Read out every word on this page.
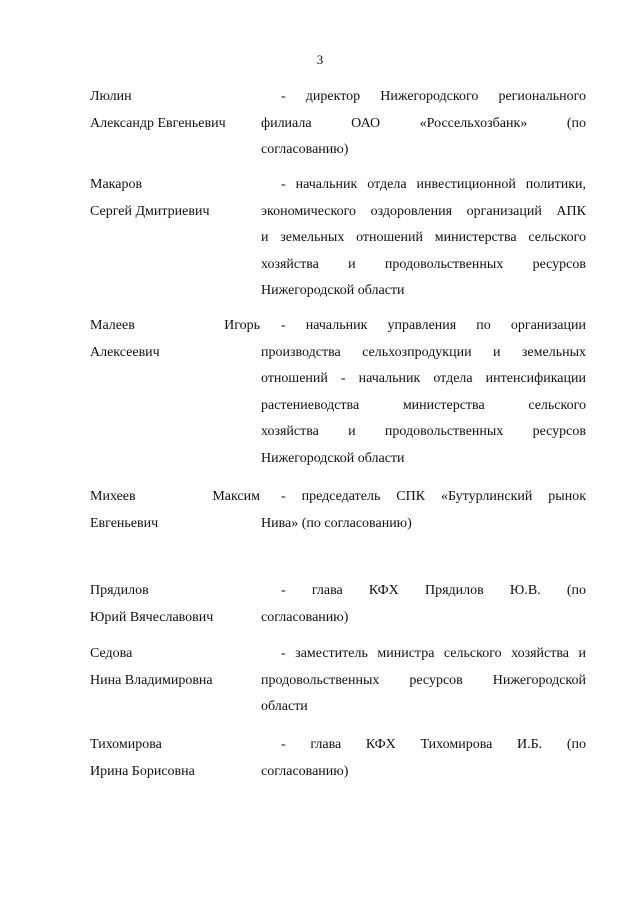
3
Люлин
Александр Евгеньевич
- директор Нижегородского регионального
филиала ОАО «Россельхозбанк» (по
согласованию)
Макаров
Сергей Дмитриевич
- начальник отдела инвестиционной политики,
экономического оздоровления организаций АПК
и земельных отношений министерства сельского
хозяйства и продовольственных ресурсов
Нижегородской области
Малеев Игорь
Алексеевич
- начальник управления по организации
производства сельхозпродукции и земельных
отношений - начальник отдела интенсификации
растениеводства министерства сельского
хозяйства и продовольственных ресурсов
Нижегородской области
Михеев Максим
Евгеньевич
- председатель СПК «Бутурлинский рынок
Нива» (по согласованию)
Прядилов
Юрий Вячеславович
- глава КФХ Прядилов Ю.В. (по
согласованию)
Седова
Нина Владимировна
- заместитель министра сельского хозяйства и
продовольственных ресурсов Нижегородской
области
Тихомирова
Ирина Борисовна
- глава КФХ Тихомирова И.Б. (по
согласованию)
